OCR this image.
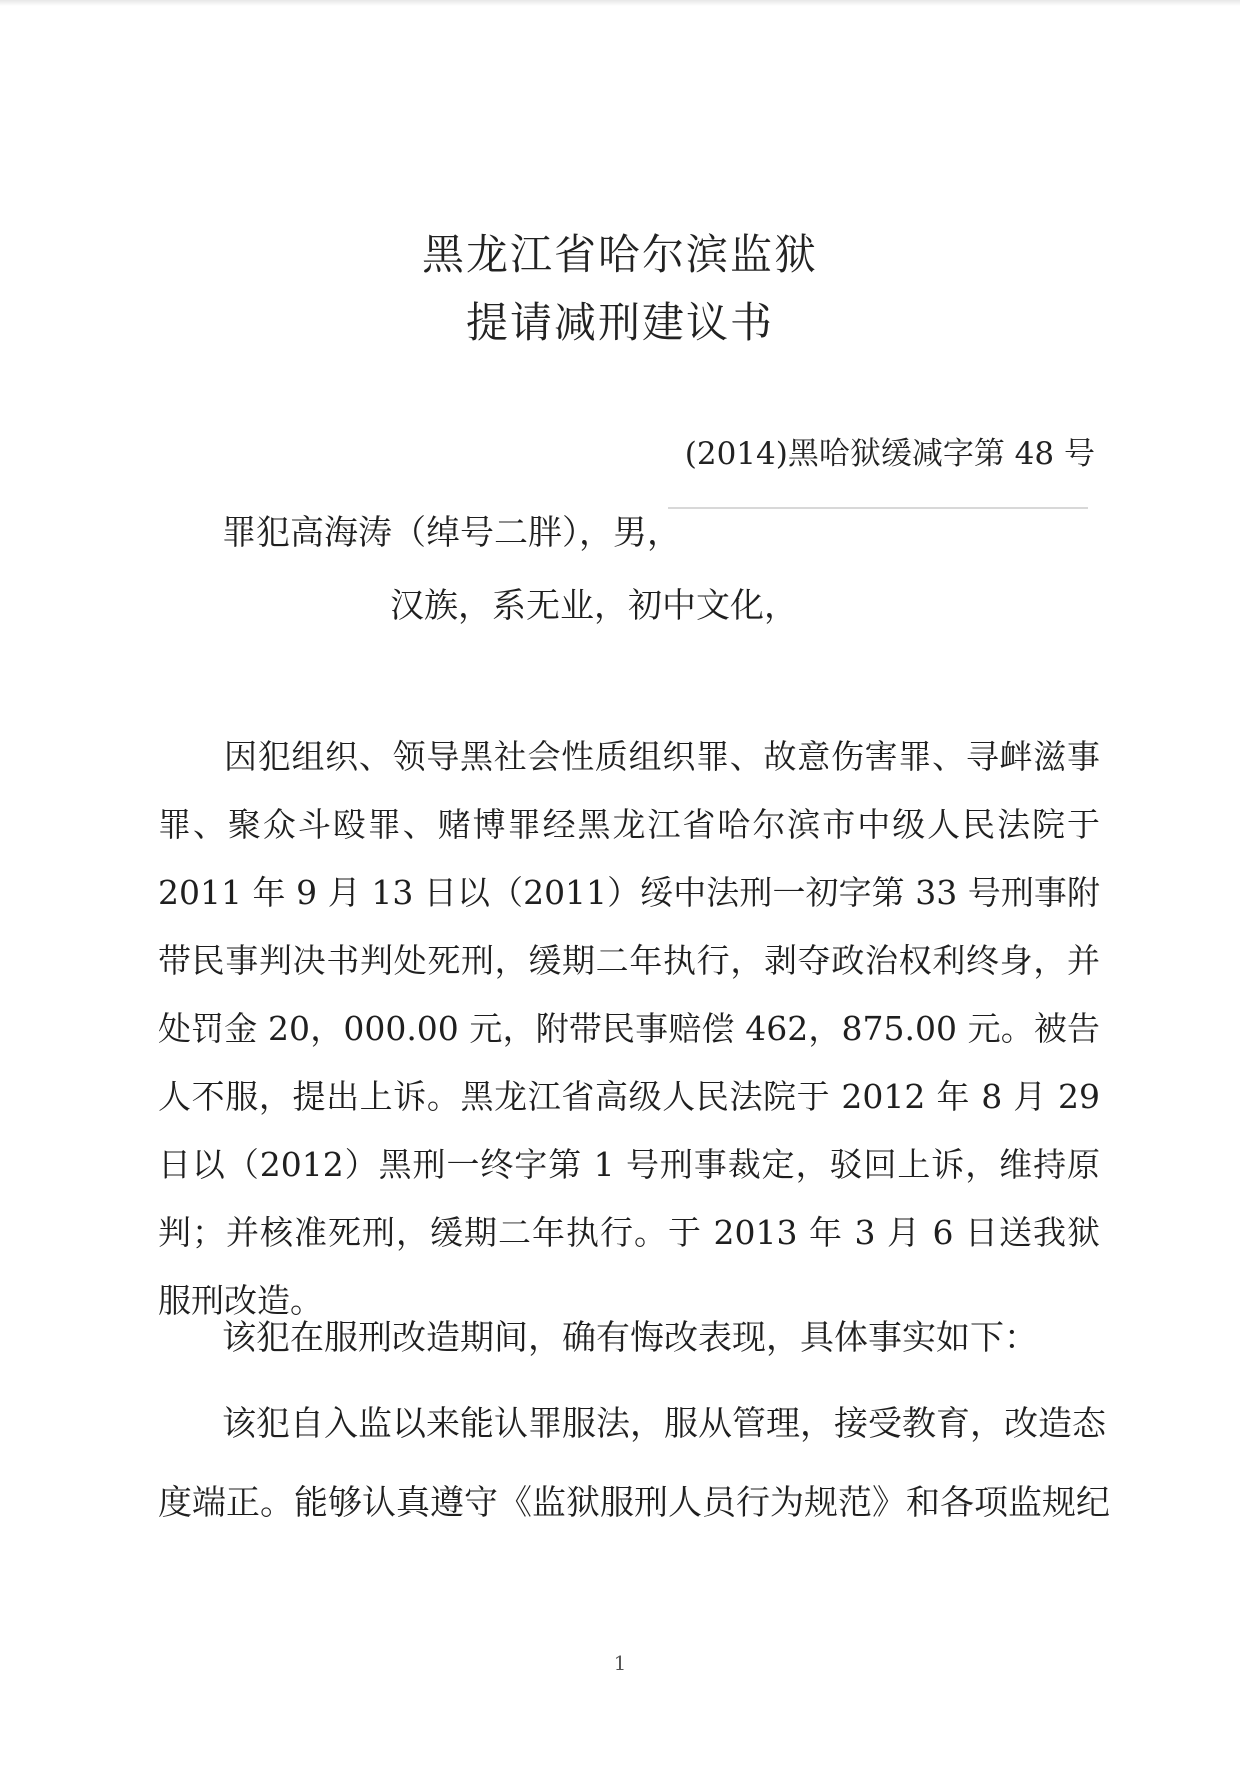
黑龙江省哈尔滨监狱
提请减刑建议书
(2014)黑哈狱缓减字第 48 号
罪犯高海涛（绰号二胖），男，
汉族，系无业，初中文化，
因犯组织、领导黑社会性质组织罪、故意伤害罪、寻衅滋事罪、聚众斗殴罪、赌博罪经黑龙江省哈尔滨市中级人民法院于2011 年 9 月 13 日以（2011）绥中法刑一初字第 33 号刑事附带民事判决书判处死刑，缓期二年执行，剥夺政治权利终身，并处罚金 20，000.00 元，附带民事赔偿 462，875.00 元。被告人不服，提出上诉。黑龙江省高级人民法院于 2012 年 8 月 29 日以（2012）黑刑一终字第 1 号刑事裁定，驳回上诉，维持原判；并核准死刑，缓期二年执行。于 2013 年 3 月 6 日送我狱服刑改造。
该犯在服刑改造期间，确有悔改表现，具体事实如下：
该犯自入监以来能认罪服法，服从管理，接受教育，改造态
度端正。能够认真遵守《监狱服刑人员行为规范》和各项监规纪
1
